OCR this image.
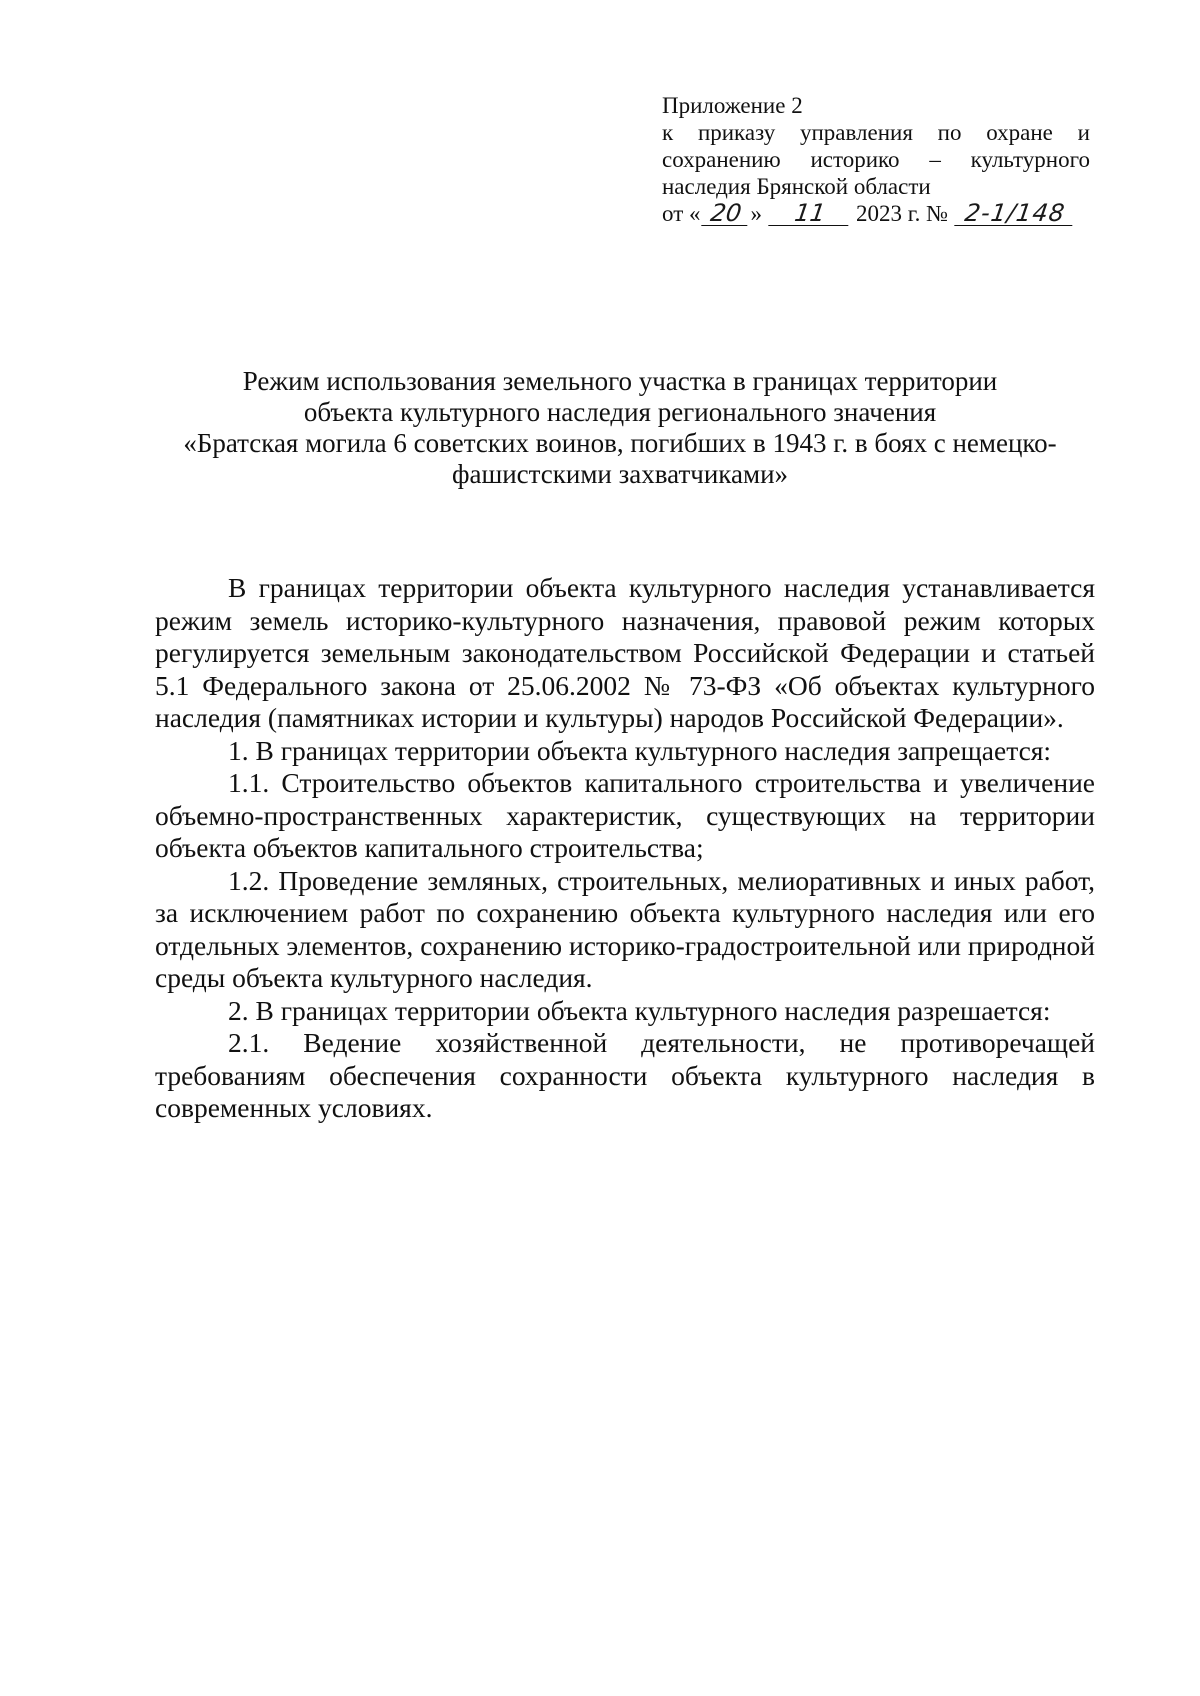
Приложение 2
к приказу управления по охране и
сохранению историко – культурного
наследия Брянской области
от « 20 »	11	2023 г. № 2-1/148
Режим использования земельного участка в границах территории
объекта культурного наследия регионального значения
«Братская могила 6 советских воинов, погибших в 1943 г. в боях с немецко-
фашистскими захватчиками»

В границах территории объекта культурного наследия устанавливается режим земель историко-культурного назначения, правовой режим которых регулируется земельным законодательством Российской Федерации и статьей 5.1 Федерального закона от 25.06.2002 № 73-ФЗ «Об объектах культурного наследия (памятниках истории и культуры) народов Российской Федерации».

1. В границах территории объекта культурного наследия запрещается:

1.1. Строительство объектов капитального строительства и увеличение объемно-пространственных характеристик, существующих на территории объекта объектов капитального строительства;

1.2. Проведение земляных, строительных, мелиоративных и иных работ, за исключением работ по сохранению объекта культурного наследия или его отдельных элементов, сохранению историко-градостроительной или природной среды объекта культурного наследия.

2. В границах территории объекта культурного наследия разрешается:

2.1. Ведение хозяйственной деятельности, не противоречащей требованиям обеспечения сохранности объекта культурного наследия в современных условиях.
